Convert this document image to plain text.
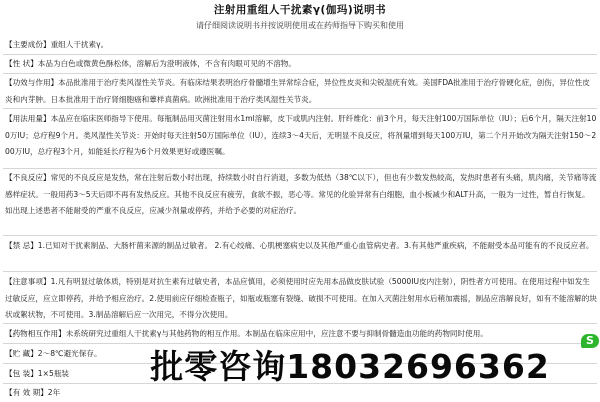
注射用重组人干扰素γ(伽玛)说明书
请仔细阅读说明书并按说明使用或在药师指导下购买和使用
【主要成份】重组人干扰素γ。
【性 状】本品为白色或微黄色酥松体，溶解后为澄明液体，不含有肉眼可见的不溶物。
【功效与作用】本品批准用于治疗类风湿性关节炎。有临床结果表明治疗骨髓增生异常综合症，异位性皮炎和尖锐湿疣有效。美国FDA批准用于治疗骨硬化症，创伤，异位性皮炎和内芽肿。日本批准用于治疗肾细胞癌和蕈样真菌病。欧洲批准用于治疗类风湿性关节炎。
【用法用量】本品应在临床医师指导下使用。每瓶制品用灭菌注射用水1ml溶解，皮下或肌内注射。肝纤维化：前3个月，每天注射100万国际单位（IU）；后6个月，隔天注射100万IU；总疗程9个月。类风湿性关节炎：开始时每天注射50万国际单位（IU），连续3～4天后，无明显不良反应，将剂量增到每天100万IU，第二个月开始改为隔天注射150～200万IU，总疗程3个月，如能延长疗程为6个月效果更好或遵医嘱。
【不良反应】常见的不良反应是发热，常在注射后数小时出现，持续数小时自行消退，多数为低热（38℃以下），但也有少数发热较高，发热时患者有头痛，肌肉痛，关节痛等流感样症状。一般用药3～5天后即不再有发热反应。其他不良反应有疲劳，食欲不振，恶心等。常见的化验异常有白细胞，血小板减少和ALT升高，一般为一过性，暂自行恢复。如出现上述患者不能耐受的严重不良反应，应减少剂量或停药，并给予必要的对症治疗。
【禁 忌】1.已知对干扰素制品、大肠杆菌来源的制品过敏者。 2.有心绞痛、心肌梗塞病史以及其他严重心血管病史者。3.有其他严重疾病，不能耐受本品可能有的不良反应者。
【注意事项】1.凡有明显过敏体质，特别是对抗生素有过敏史者，本品应慎用，必须使用时应先用本品做皮肤试验（5000IU皮内注射），阴性者方可使用。在使用过程中如发生过敏反应，应立即停药，并给予相应治疗。2.使用前应仔细检查瓶子，如瓶或瓶塞有裂缝、破损不可使用。在加入灭菌注射用水后稍加震摇，制品应溶解良好，如有不能溶解的块状或絮状物，不可使用。3.制品溶解后应一次用完，不得分次使用。
【药物相互作用】未系统研究过重组人干扰素γ与其他药物的相互作用。本制品在临床应用中，应注意不要与抑制骨髓造血功能的药物同时使用。
【贮 藏】2～8℃避光保存。
【包 装】1×5瓶装
【有 效 期】2年
批零咨询18032696362
S
